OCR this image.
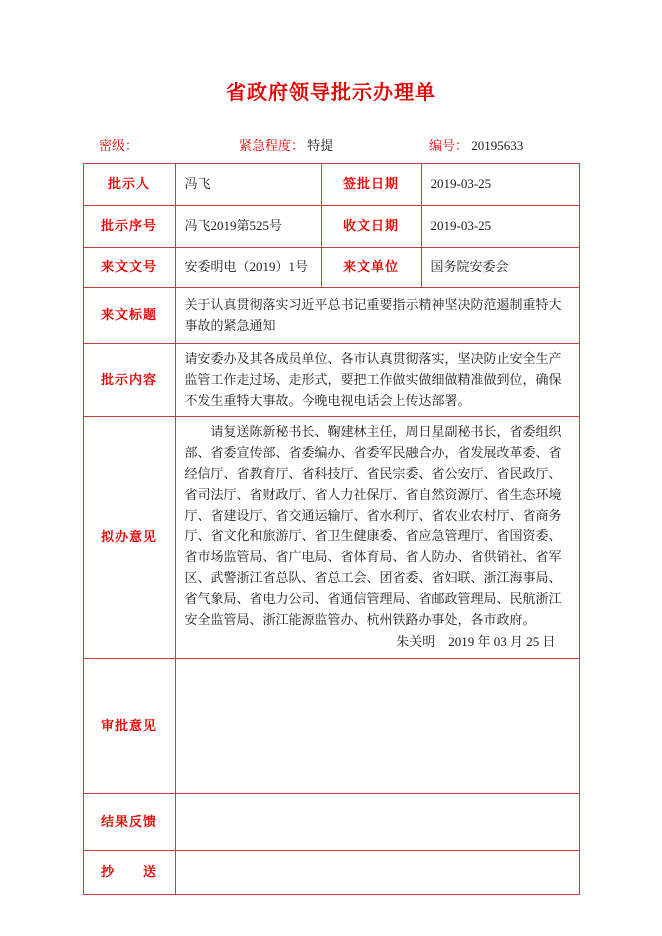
省政府领导批示办理单
密级：	紧急程度： 特提	编号： 20195633
批示人	冯飞	签批日期	2019-03-25
批示序号	冯飞2019第525号	收文日期	2019-03-25
来文文号	安委明电（2019）1号	来文单位	国务院安委会
来文标题	关于认真贯彻落实习近平总书记重要指示精神坚决防范遏制重特大事故的紧急通知		

批示内容	请安委办及其各成员单位、各市认真贯彻落实，坚决防止安全生产监管工作走过场、走形式，要把工作做实做细做精准做到位，确保不发生重特大事故。今晚电视电话会上传达部署。		

拟办意见	请复送陈新秘书长、鞠建林主任，周日星副秘书长，省委组织部、省委宣传部、省委编办、省委军民融合办，省发展改革委、省经信厅、省教育厅、省科技厅、省民宗委、省公安厅、省民政厅、省司法厅、省财政厅、省人力社保厅、省自然资源厅、省生态环境厅、省建设厅、省交通运输厅、省水利厅、省农业农村厅、省商务厅、省文化和旅游厅、省卫生健康委、省应急管理厅、省国资委、省市场监管局、省广电局、省体育局、省人防办、省供销社、省军区、武警浙江省总队、省总工会、团省委、省妇联、浙江海事局、省气象局、省电力公司、省通信管理局、省邮政管理局、民航浙江安全监管局、浙江能源监管办、杭州铁路办事处，各市政府。

朱关明　2019 年 03 月 25 日		

审批意见			
结果反馈			
抄　　送			
